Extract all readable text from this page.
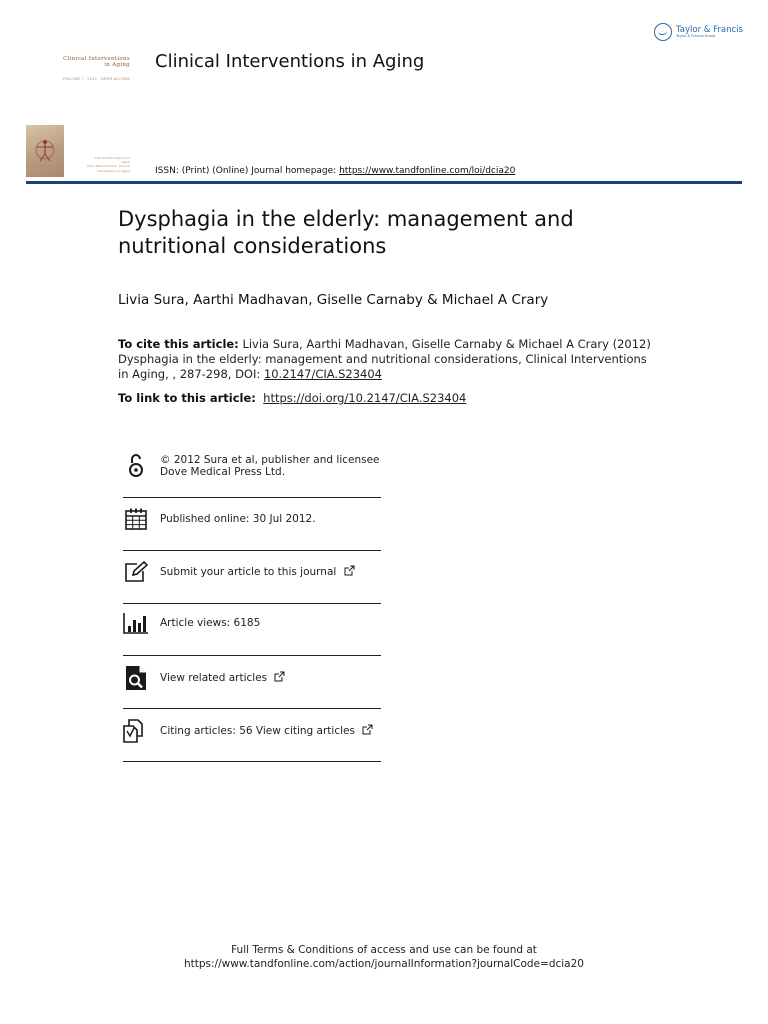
Clinical Interventions
in Aging
VOLUME 7 · 2012 · OPEN ACCESS
Clinical Interventions in Aging
Taylor & Francis
Taylor & Francis Group
Clinical Interventions in Aging
Dove Medical Press · Clinical Interventions in Aging	ISSN: (Print) (Online) Journal homepage: https://www.tandfonline.com/loi/dcia20
Dysphagia in the elderly: management and nutritional considerations
Livia Sura, Aarthi Madhavan, Giselle Carnaby & Michael A Crary
To cite this article: Livia Sura, Aarthi Madhavan, Giselle Carnaby & Michael A Crary (2012) Dysphagia in the elderly: management and nutritional considerations, Clinical Interventions in Aging, , 287-298, DOI: 10.2147/CIA.S23404
To link to this article: https://doi.org/10.2147/CIA.S23404
© 2012 Sura et al, publisher and licensee
Dove Medical Press Ltd.
Published online: 30 Jul 2012.
Submit your article to this journal
Article views: 6185
View related articles
Citing articles: 56 View citing articles
Full Terms & Conditions of access and use can be found at
https://www.tandfonline.com/action/journalInformation?journalCode=dcia20
